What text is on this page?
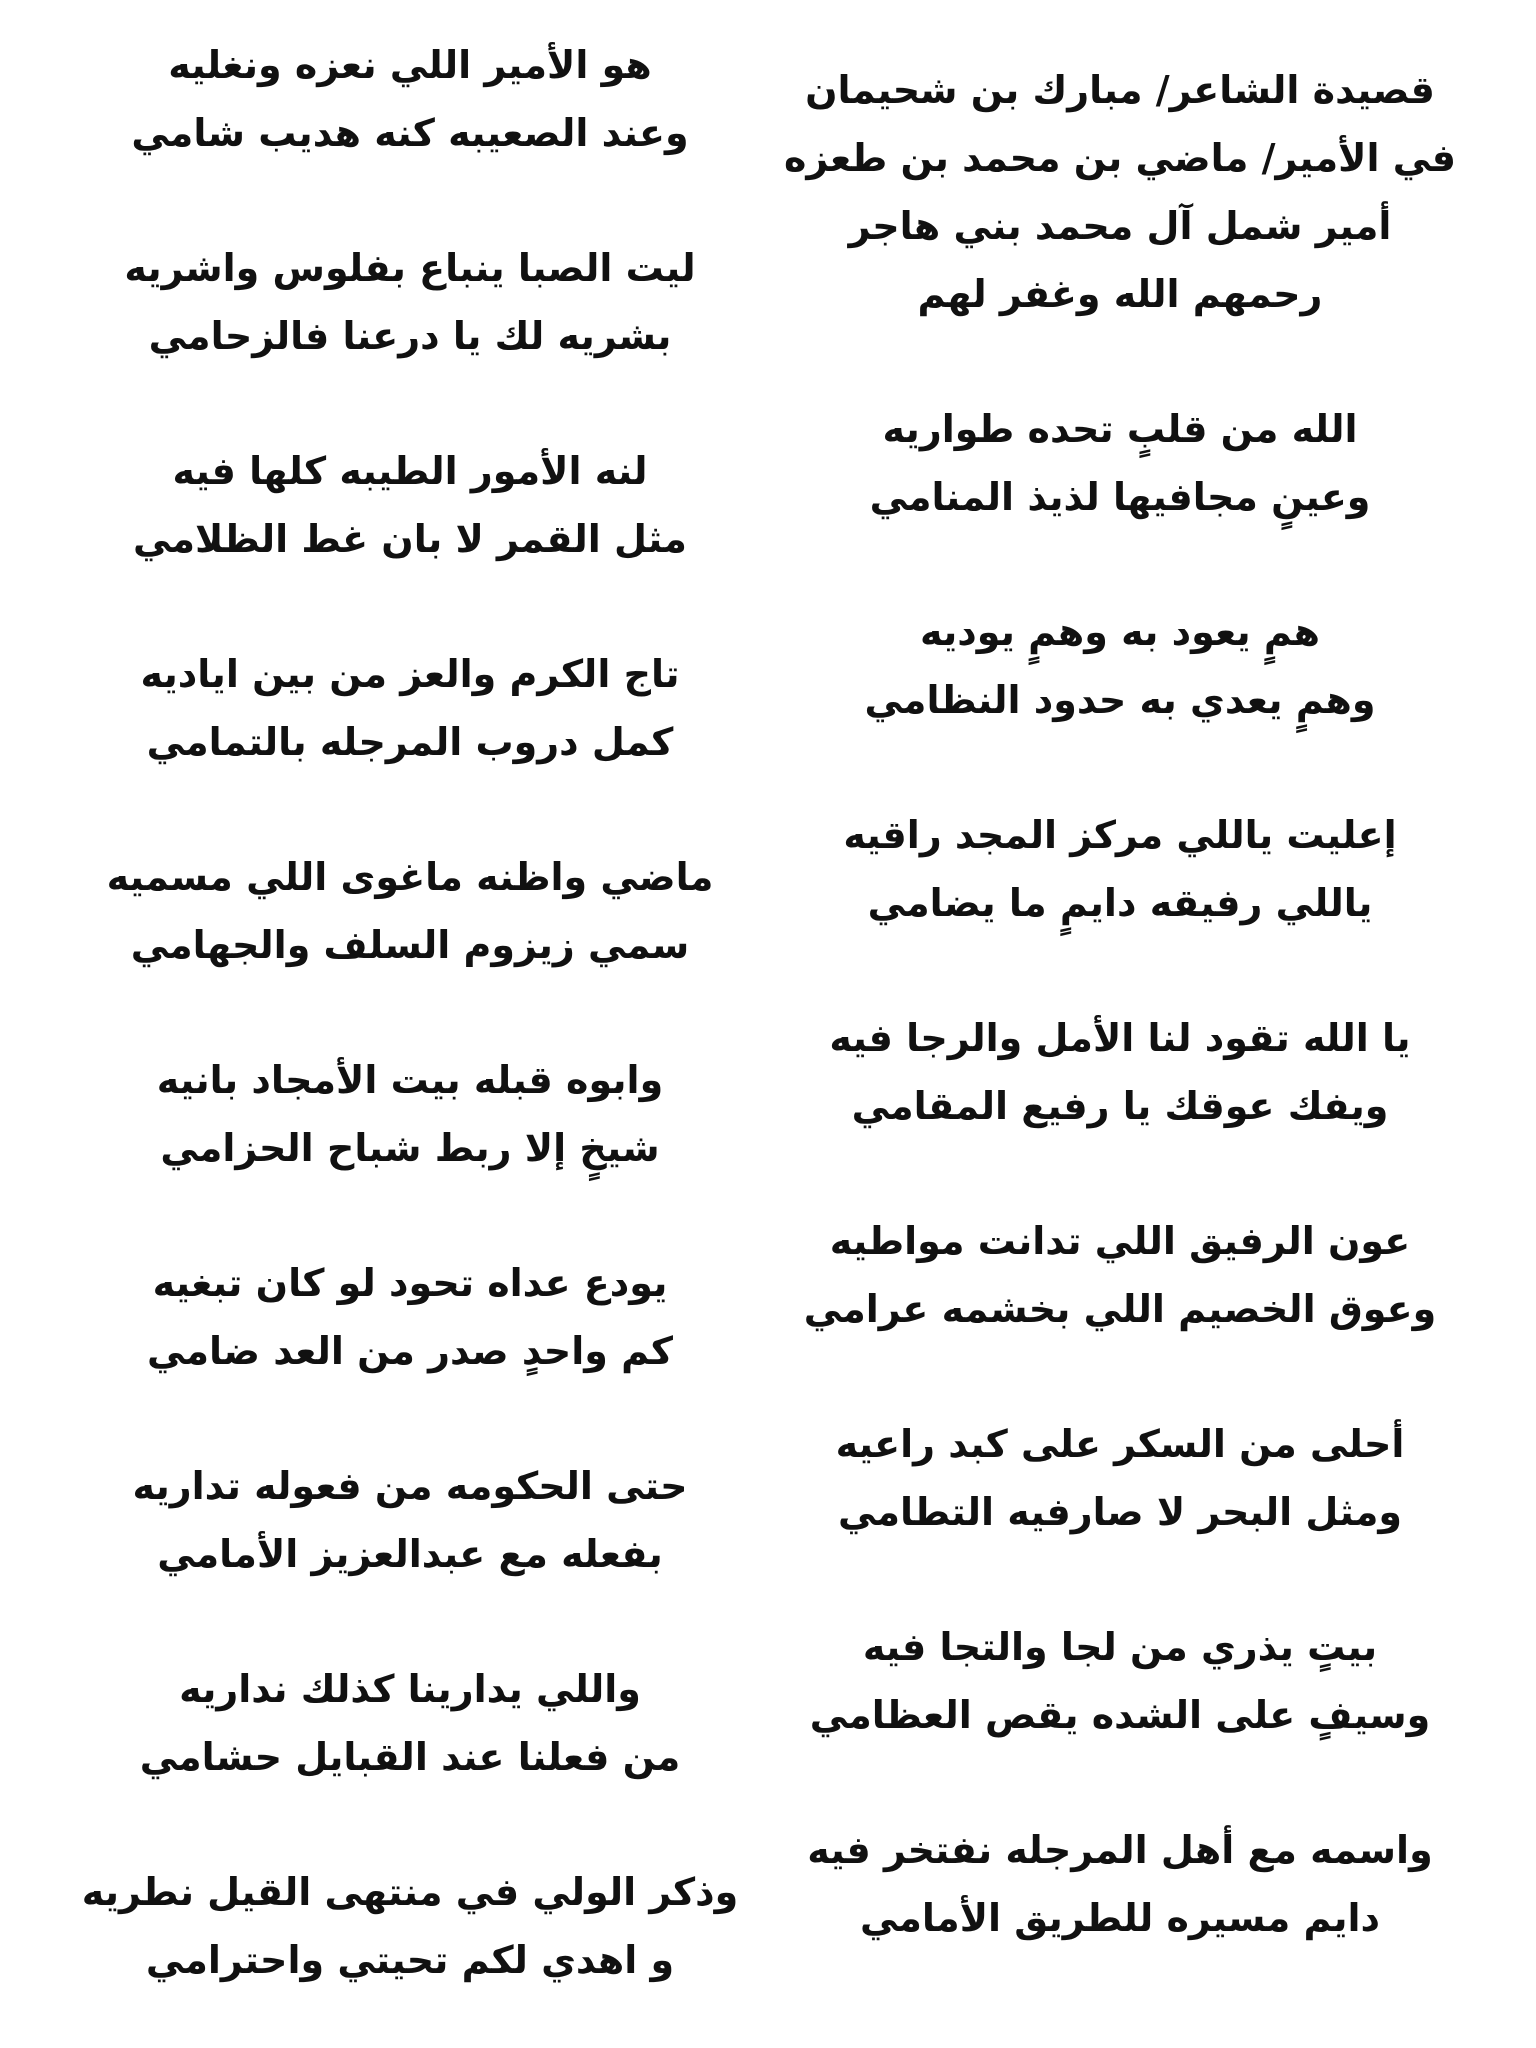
قصيدة الشاعر/ مبارك بن شحيمان
في الأمير/ ماضي بن محمد بن طعزه
أمير شمل آل محمد بني هاجر
رحمهم الله وغفر لهم
الله من قلبٍ تحده طواريه
وعينٍ مجافيها لذيذ المنامي
همٍ يعود به وهمٍ يوديه
وهمٍ يعدي به حدود النظامي
إعليت ياللي مركز المجد راقيه
ياللي رفيقه دايمٍ ما يضامي
يا الله تقود لنا الأمل والرجا فيه
ويفك عوقك يا رفيع المقامي
عون الرفيق اللي تدانت مواطيه
وعوق الخصيم اللي بخشمه عرامي
أحلى من السكر على كبد راعيه
ومثل البحر لا صارفيه التطامي
بيتٍ يذري من لجا والتجا فيه
وسيفٍ على الشده يقص العظامي
واسمه مع أهل المرجله نفتخر فيه
دايم مسيره للطريق الأمامي
هو الأمير اللي نعزه ونغليه
وعند الصعيبه كنه هديب شامي
ليت الصبا ينباع بفلوس واشريه
بشريه لك يا درعنا فالزحامي
لنه الأمور الطيبه كلها فيه
مثل القمر لا بان غط الظلامي
تاج الكرم والعز من بين اياديه
كمل دروب المرجله بالتمامي
ماضي واظنه ماغوى اللي مسميه
سمي زيزوم السلف والجهامي
وابوه قبله بيت الأمجاد بانيه
شيخٍ إلا ربط شباح الحزامي
يودع عداه تحود لو كان تبغيه
كم واحدٍ صدر من العد ضامي
حتى الحكومه من فعوله تداريه
بفعله مع عبدالعزيز الأمامي
واللي يدارينا كذلك نداريه
من فعلنا عند القبايل حشامي
وذكر الولي في منتهى القيل نطريه
و اهدي لكم تحيتي واحترامي
